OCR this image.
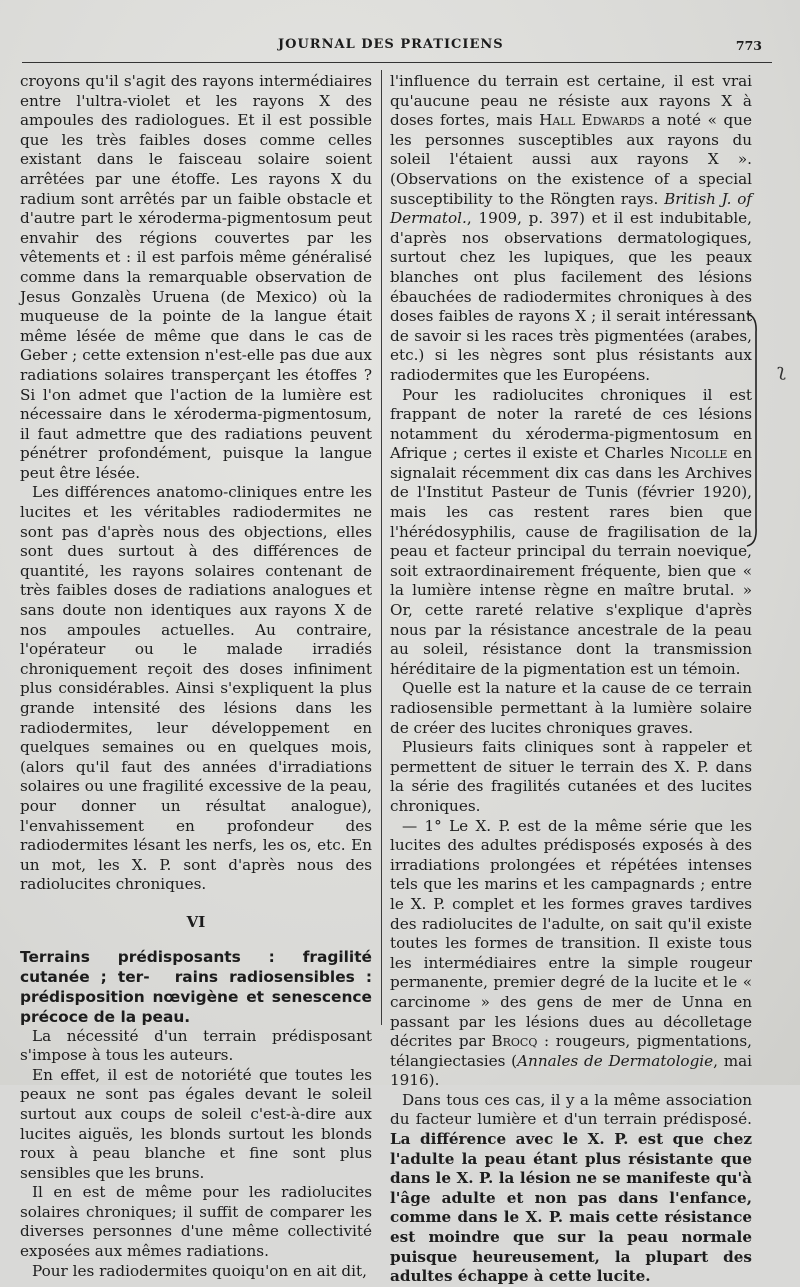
JOURNAL DES PRATICIENS	773

croyons qu'il s'agit des rayons intermédiaires entre l'ultra-violet et les rayons X des ampoules des radiologues. Et il est possible que les très faibles doses comme celles existant dans le faisceau solaire soient arrêtées par une étoffe. Les rayons X du radium sont arrêtés par un faible obstacle et d'autre part le xéroderma-pigmentosum peut envahir des régions couvertes par les vêtements et : il est parfois même généralisé comme dans la remarquable observation de Jesus Gonzalès Uruena (de Mexico) où la muqueuse de la pointe de la langue était même lésée de même que dans le cas de Geber ; cette extension n'est-elle pas due aux radiations solaires transperçant les étoffes ? Si l'on admet que l'action de la lumière est nécessaire dans le xéroderma-pigmentosum, il faut admettre que des radiations peuvent pénétrer profondément, puisque la langue peut être lésée.

Les différences anatomo-cliniques entre les lucites et les véritables radiodermites ne sont pas d'après nous des objections, elles sont dues surtout à des différences de quantité, les rayons solaires contenant de très faibles doses de radiations analogues et sans doute non identiques aux rayons X de nos ampoules actuelles. Au contraire, l'opérateur ou le malade irradiés chroniquement reçoit des doses infiniment plus considérables. Ainsi s'expliquent la plus grande intensité des lésions dans les radiodermites, leur développement en quelques semaines ou en quelques mois, (alors qu'il faut des années d'irradiations solaires ou une fragilité excessive de la peau, pour donner un résultat analogue), l'envahissement en profondeur des radiodermites lésant les nerfs, les os, etc. En un mot, les X. P. sont d'après nous des radiolucites chroniques.

VI

Terrains prédisposants : fragilité cutanée ; ter- rains radiosensibles : prédisposition nœvigène et senescence précoce de la peau.

La nécessité d'un terrain prédisposant s'impose à tous les auteurs.

En effet, il est de notoriété que toutes les peaux ne sont pas égales devant le soleil surtout aux coups de soleil c'est-à-dire aux lucites aiguës, les blonds surtout les blonds roux à peau blanche et fine sont plus sensibles que les bruns.

Il en est de même pour les radiolucites solaires chroniques; il suffit de comparer les diverses personnes d'une même collectivité exposées aux mêmes radiations.

Pour les radiodermites quoiqu'on en ait dit,

l'influence du terrain est certaine, il est vrai qu'aucune peau ne résiste aux rayons X à doses fortes, mais Hall Edwards a noté « que les personnes susceptibles aux rayons du soleil l'étaient aussi aux rayons X ». (Observations on the existence of a special susceptibility to the Röngten rays. British J. of Dermatol., 1909, p. 397) et il est indubitable, d'après nos observations dermatologiques, surtout chez les lupiques, que les peaux blanches ont plus facilement des lésions ébauchées de radiodermites chroniques à des doses faibles de rayons X ; il serait intéressant de savoir si les races très pigmentées (arabes, etc.) si les nègres sont plus résistants aux radiodermites que les Européens.

Pour les radiolucites chroniques il est frappant de noter la rareté de ces lésions notamment du xéroderma-pigmentosum en Afrique ; certes il existe et Charles Nicolle en signalait récemment dix cas dans les Archives de l'Institut Pasteur de Tunis (février 1920), mais les cas restent rares bien que l'hérédosyphilis, cause de fragilisation de la peau et facteur principal du terrain noevique, soit extraordinairement fréquente, bien que « la lumière intense règne en maître brutal. » Or, cette rareté relative s'explique d'après nous par la résistance ancestrale de la peau au soleil, résistance dont la transmission héréditaire de la pigmentation est un témoin.

Quelle est la nature et la cause de ce terrain radiosensible permettant à la lumière solaire de créer des lucites chroniques graves.

Plusieurs faits cliniques sont à rappeler et permettent de situer le terrain des X. P. dans la série des fragilités cutanées et des lucites chroniques.

— 1° Le X. P. est de la même série que les lucites des adultes prédisposés exposés à des irradiations prolongées et répétées intenses tels que les marins et les campagnards ; entre le X. P. complet et les formes graves tardives des radiolucites de l'adulte, on sait qu'il existe toutes les formes de transition. Il existe tous les intermédiaires entre la simple rougeur permanente, premier degré de la lucite et le « carcinome » des gens de mer de Unna en passant par les lésions dues au décolletage décrites par Brocq : rougeurs, pigmentations, télangiectasies (Annales de Dermatologie, mai 1916).

Dans tous ces cas, il y a la même association du facteur lumière et d'un terrain prédisposé. La différence avec le X. P. est que chez l'adulte la peau étant plus résistante que dans le X. P. la lésion ne se manifeste qu'à l'âge adulte et non pas dans l'enfance, comme dans le X. P. mais cette résistance est moindre que sur la peau normale puisque heureusement, la plupart des adultes échappe à cette lucite.

ʅ
